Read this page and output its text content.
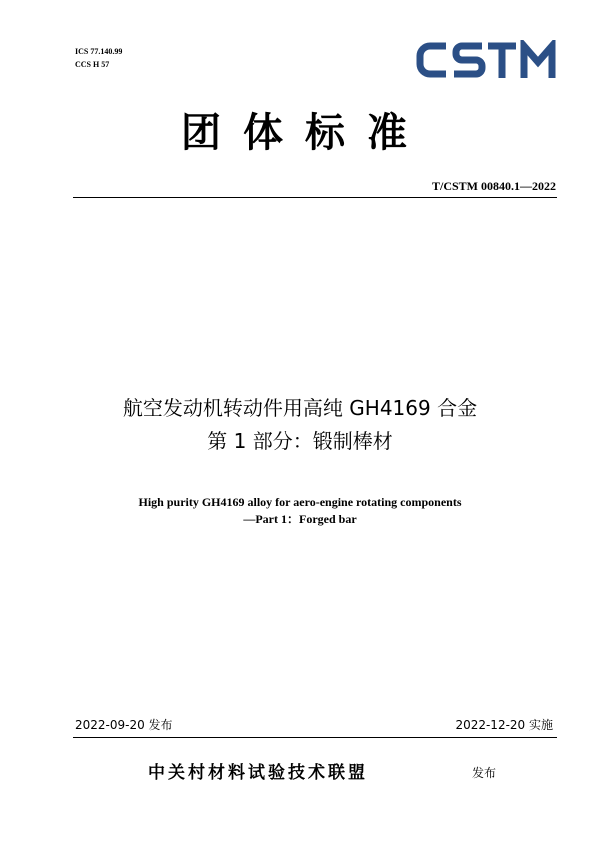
ICS 77.140.99
CCS H 57
团体标准
T/CSTM 00840.1—2022
航空发动机转动件用高纯 GH4169 合金
第 1 部分：锻制棒材
High purity GH4169 alloy for aero-engine rotating components
—Part 1：Forged bar
2022-09-20 发布	2022-12-20 实施
中关村材料试验技术联盟	发布
